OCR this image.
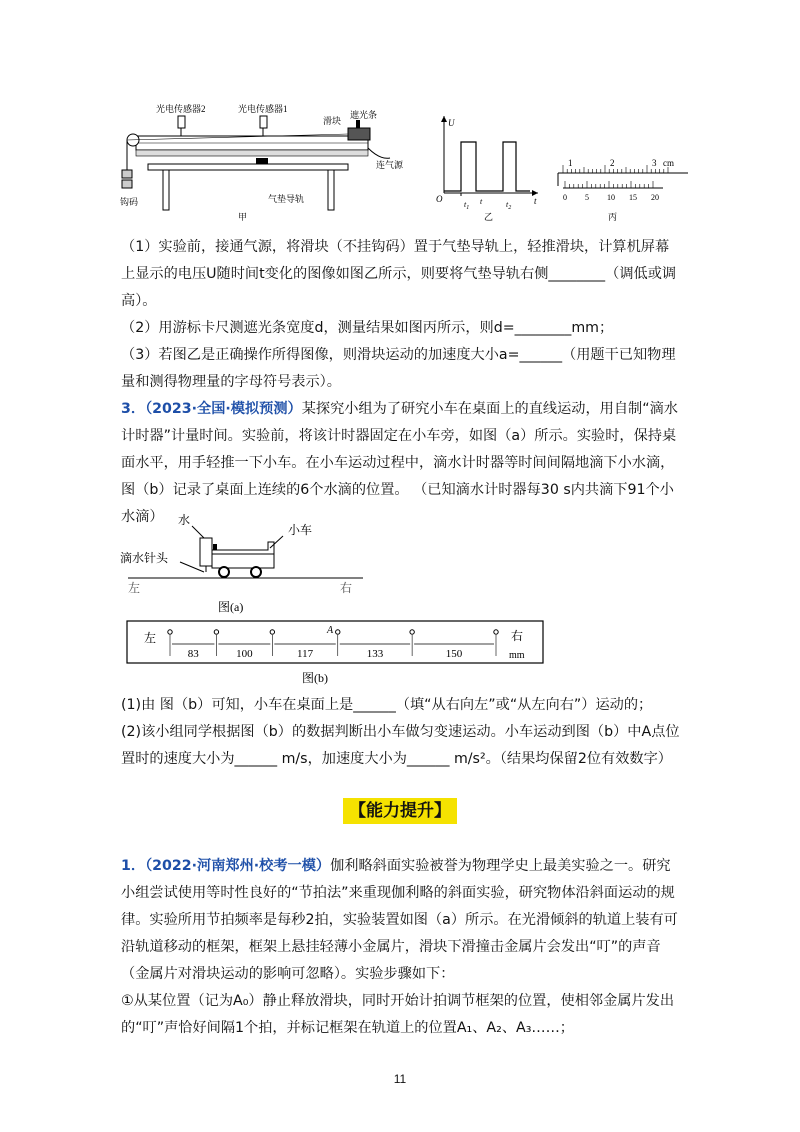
钩码
光电传感器2	光电传感器1
滑块
遮光条
连气源
气垫导轨
甲
U
O
$t_1$
t	$t_2$
t
乙
1	2	3 cm
0 5 10 15 20
丙
（1）实验前，接通气源，将滑块（不挂钩码）置于气垫导轨上，轻推滑块，计算机屏幕上显示的电压U随时间t变化的图像如图乙所示，则要将气垫导轨右侧________（调低或调高）。
（2）用游标卡尺测遮光条宽度d，测量结果如图丙所示，则d=________mm；
（3）若图乙是正确操作所得图像，则滑块运动的加速度大小a=______（用题干已知物理量和测得物理量的字母符号表示）。
3．（2023·全国·模拟预测）某探究小组为了研究小车在桌面上的直线运动，用自制“滴水计时器”计量时间。实验前，将该计时器固定在小车旁，如图（a）所示。实验时，保持桌面水平，用手轻推一下小车。在小车运动过程中，滴水计时器等时间间隔地滴下小水滴，图（b）记录了桌面上连续的6个水滴的位置。 （已知滴水计时器每30 s内共滴下91个小水滴）	水
小车
滴水针头
左	右
图(a)
左	右
mm
A
83	100	117	133	150
图(b)
(1)由 图（b）可知，小车在桌面上是______（填“从右向左”或“从左向右”）运动的；
(2)该小组同学根据图（b）的数据判断出小车做匀变速运动。小车运动到图（b）中A点位置时的速度大小为______ m/s，加速度大小为______ m/s²。（结果均保留2位有效数字）
【能力提升】
1．（2022·河南郑州·校考一模）伽利略斜面实验被誉为物理学史上最美实验之一。研究小组尝试使用等时性良好的“节拍法”来重现伽利略的斜面实验，研究物体沿斜面运动的规律。实验所用节拍频率是每秒2拍，实验装置如图（a）所示。在光滑倾斜的轨道上装有可沿轨道移动的框架，框架上悬挂轻薄小金属片，滑块下滑撞击金属片会发出“叮”的声音（金属片对滑块运动的影响可忽略）。实验步骤如下：
①从某位置（记为A₀）静止释放滑块，同时开始计拍调节框架的位置，使相邻金属片发出的“叮”声恰好间隔1个拍，并标记框架在轨道上的位置A₁、A₂、A₃……；
11
